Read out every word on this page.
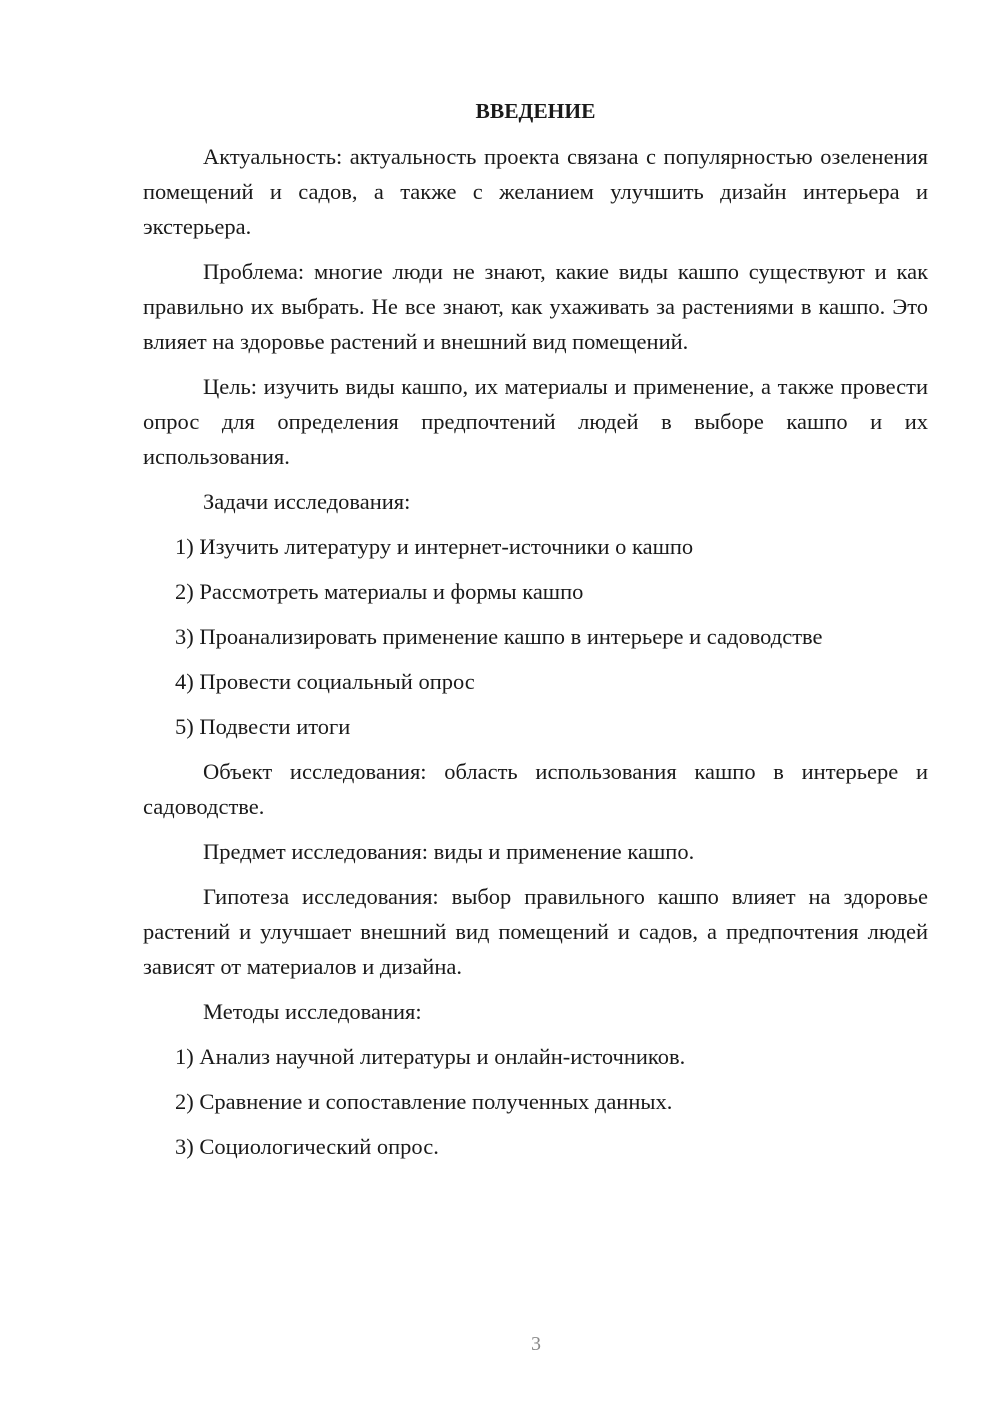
ВВЕДЕНИЕ

Актуальность: актуальность проекта связана с популярностью озеленения помещений и садов, а также с желанием улучшить дизайн интерьера и экстерьера.

Проблема: многие люди не знают, какие виды кашпо существуют и как правильно их выбрать. Не все знают, как ухаживать за растениями в кашпо. Это влияет на здоровье растений и внешний вид помещений.

Цель: изучить виды кашпо, их материалы и применение, а также провести опрос для определения предпочтений людей в выборе кашпо и их использования.

Задачи исследования:

1) Изучить литературу и интернет-источники о кашпо
2) Рассмотреть материалы и формы кашпо
3) Проанализировать применение кашпо в интерьере и садоводстве
4) Провести социальный опрос
5) Подвести итоги

Объект исследования: область использования кашпо в интерьере и садоводстве.

Предмет исследования: виды и применение кашпо.

Гипотеза исследования: выбор правильного кашпо влияет на здоровье растений и улучшает внешний вид помещений и садов, а предпочтения людей зависят от материалов и дизайна.

Методы исследования:

1) Анализ научной литературы и онлайн-источников.
2) Сравнение и сопоставление полученных данных.
3) Социологический опрос.
3
